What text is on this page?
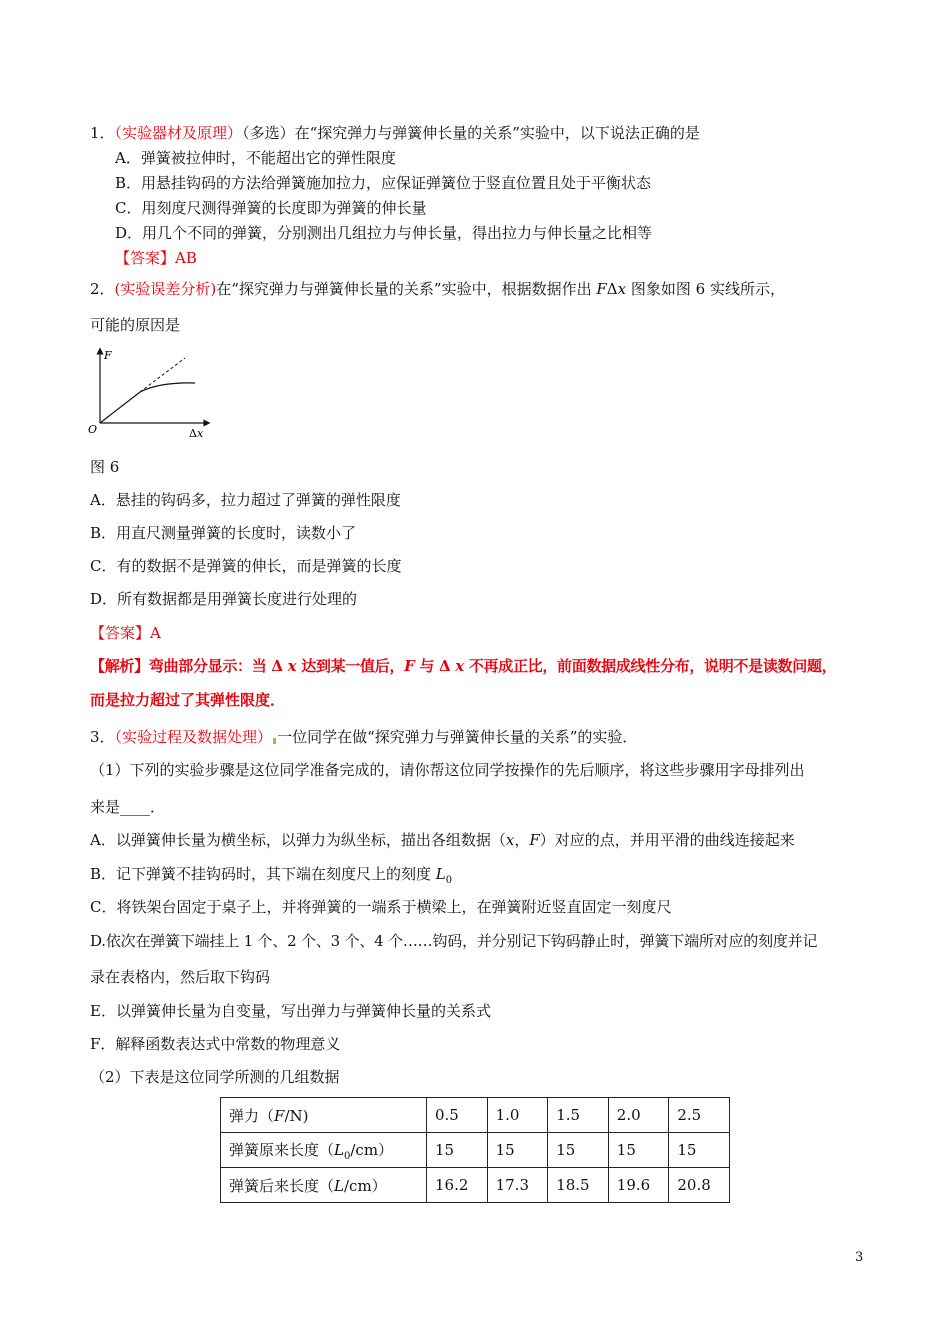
1．（实验器材及原理）（多选）在“探究弹力与弹簧伸长量的关系”实验中，以下说法正确的是
A．弹簧被拉伸时，不能超出它的弹性限度
B．用悬挂钩码的方法给弹簧施加拉力，应保证弹簧位于竖直位置且处于平衡状态
C．用刻度尺测得弹簧的长度即为弹簧的伸长量
D．用几个不同的弹簧，分别测出几组拉力与伸长量，得出拉力与伸长量之比相等
【答案】AB
2．(实验误差分析)在“探究弹力与弹簧伸长量的关系”实验中，根据数据作出 FΔx 图象如图 6 实线所示，
可能的原因是
F
O	Δx
图 6
A．悬挂的钩码多，拉力超过了弹簧的弹性限度
B．用直尺测量弹簧的长度时，读数小了
C．有的数据不是弹簧的伸长，而是弹簧的长度
D．所有数据都是用弹簧长度进行处理的
【答案】A
【解析】弯曲部分显示：当 Δ x 达到某一值后，F 与 Δ x 不再成正比，前面数据成线性分布，说明不是读数问题，
而是拉力超过了其弹性限度．
3．（实验过程及数据处理） 一位同学在做“探究弹力与弹簧伸长量的关系”的实验．
（1）下列的实验步骤是这位同学准备完成的，请你帮这位同学按操作的先后顺序，将这些步骤用字母排列出
来是____．
A．以弹簧伸长量为横坐标，以弹力为纵坐标，描出各组数据（x，F）对应的点，并用平滑的曲线连接起来
B．记下弹簧不挂钩码时，其下端在刻度尺上的刻度 $L_0$
C．将铁架台固定于桌子上，并将弹簧的一端系于横梁上，在弹簧附近竖直固定一刻度尺
D.依次在弹簧下端挂上 1 个、2 个、3 个、4 个……钩码，并分别记下钩码静止时，弹簧下端所对应的刻度并记
录在表格内，然后取下钩码
E．以弹簧伸长量为自变量，写出弹力与弹簧伸长量的关系式
F．解释函数表达式中常数的物理意义
（2）下表是这位同学所测的几组数据
弹力（F/N)	0.5	1.0	1.5	2.0	2.5
弹簧原来长度$(L_0/cm)$	15	15	15	15	15
弹簧后来长度（L/cm）	16.2	17.3	18.5	19.6	20.8
3
